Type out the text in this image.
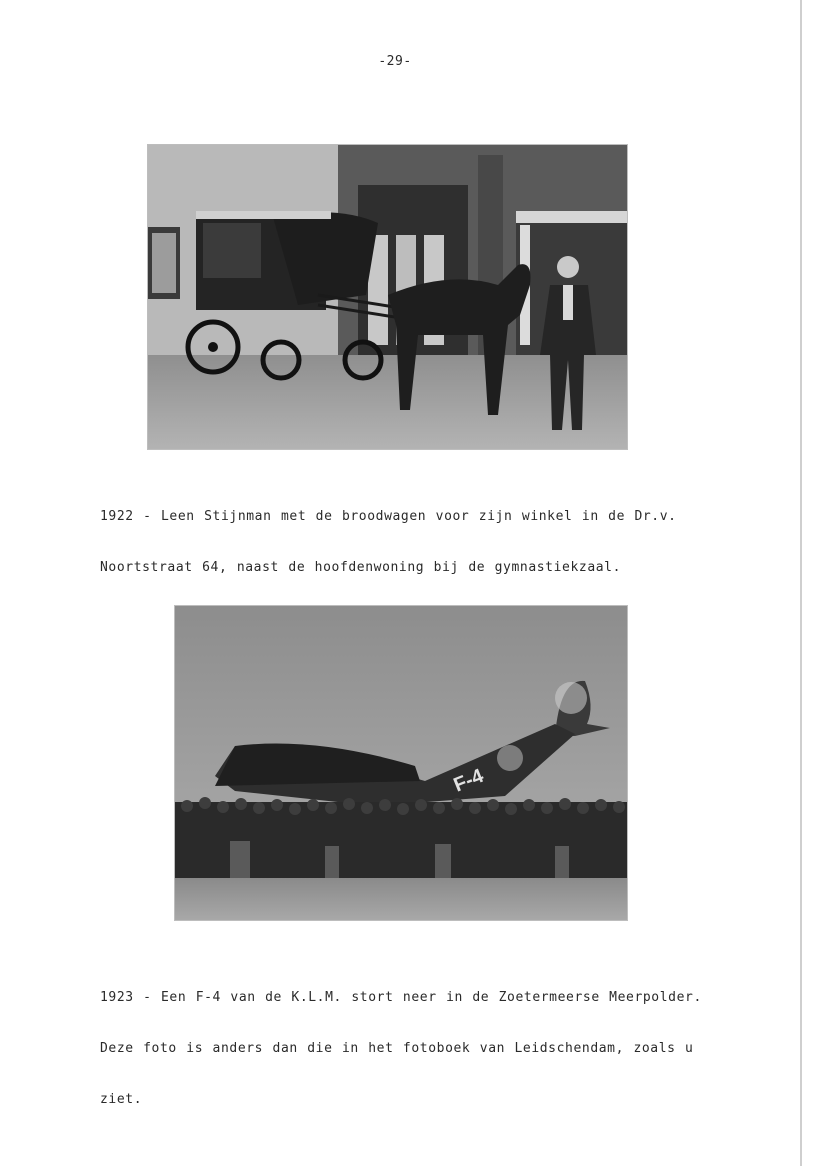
-29-

1922 - Leen Stijnman met de broodwagen voor zijn winkel in de Dr.v.

Noortstraat 64, naast de hoofdenwoning bij de gymnastiekzaal.

F-4

1923 - Een F-4 van de K.L.M. stort neer in de Zoetermeerse Meerpolder.

Deze foto is anders dan die in het fotoboek van Leidschendam, zoals u

ziet.
